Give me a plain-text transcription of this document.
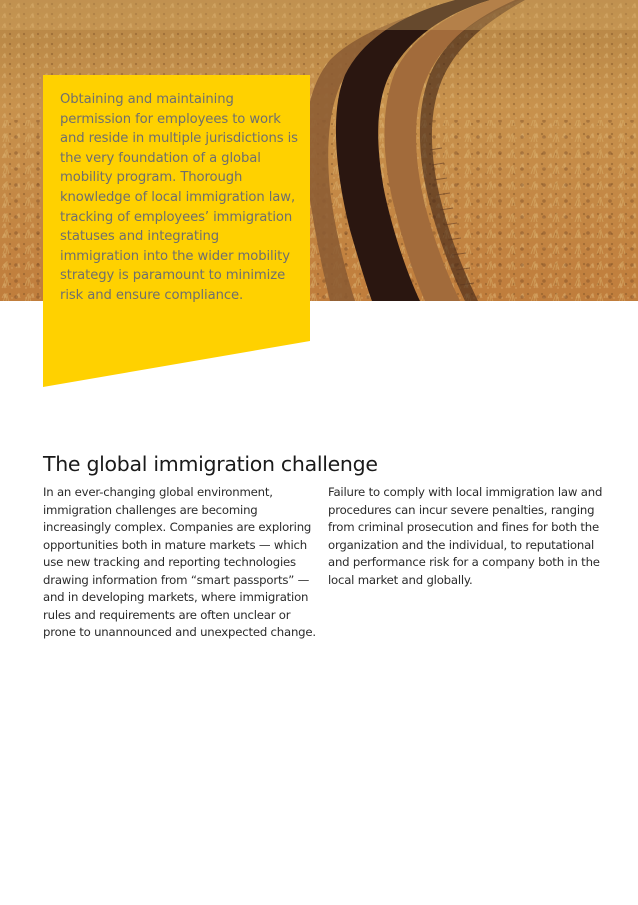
Obtaining and maintaining permission for employees to work and reside in multiple jurisdictions is the very foundation of a global mobility program. Thorough knowledge of local immigration law, tracking of employees’ immigration statuses and integrating immigration into the wider mobility strategy is paramount to minimize risk and ensure compliance.

The global immigration challenge

In an ever-changing global environment, immigration challenges are becoming increasingly complex. Companies are exploring opportunities both in mature markets — which use new tracking and reporting technologies drawing information from “smart passports” — and in developing markets, where immigration rules and requirements are often unclear or prone to unannounced and unexpected change.

Failure to comply with local immigration law and procedures can incur severe penalties, ranging from criminal prosecution and fines for both the organization and the individual, to reputational and performance risk for a company both in the local market and globally.
